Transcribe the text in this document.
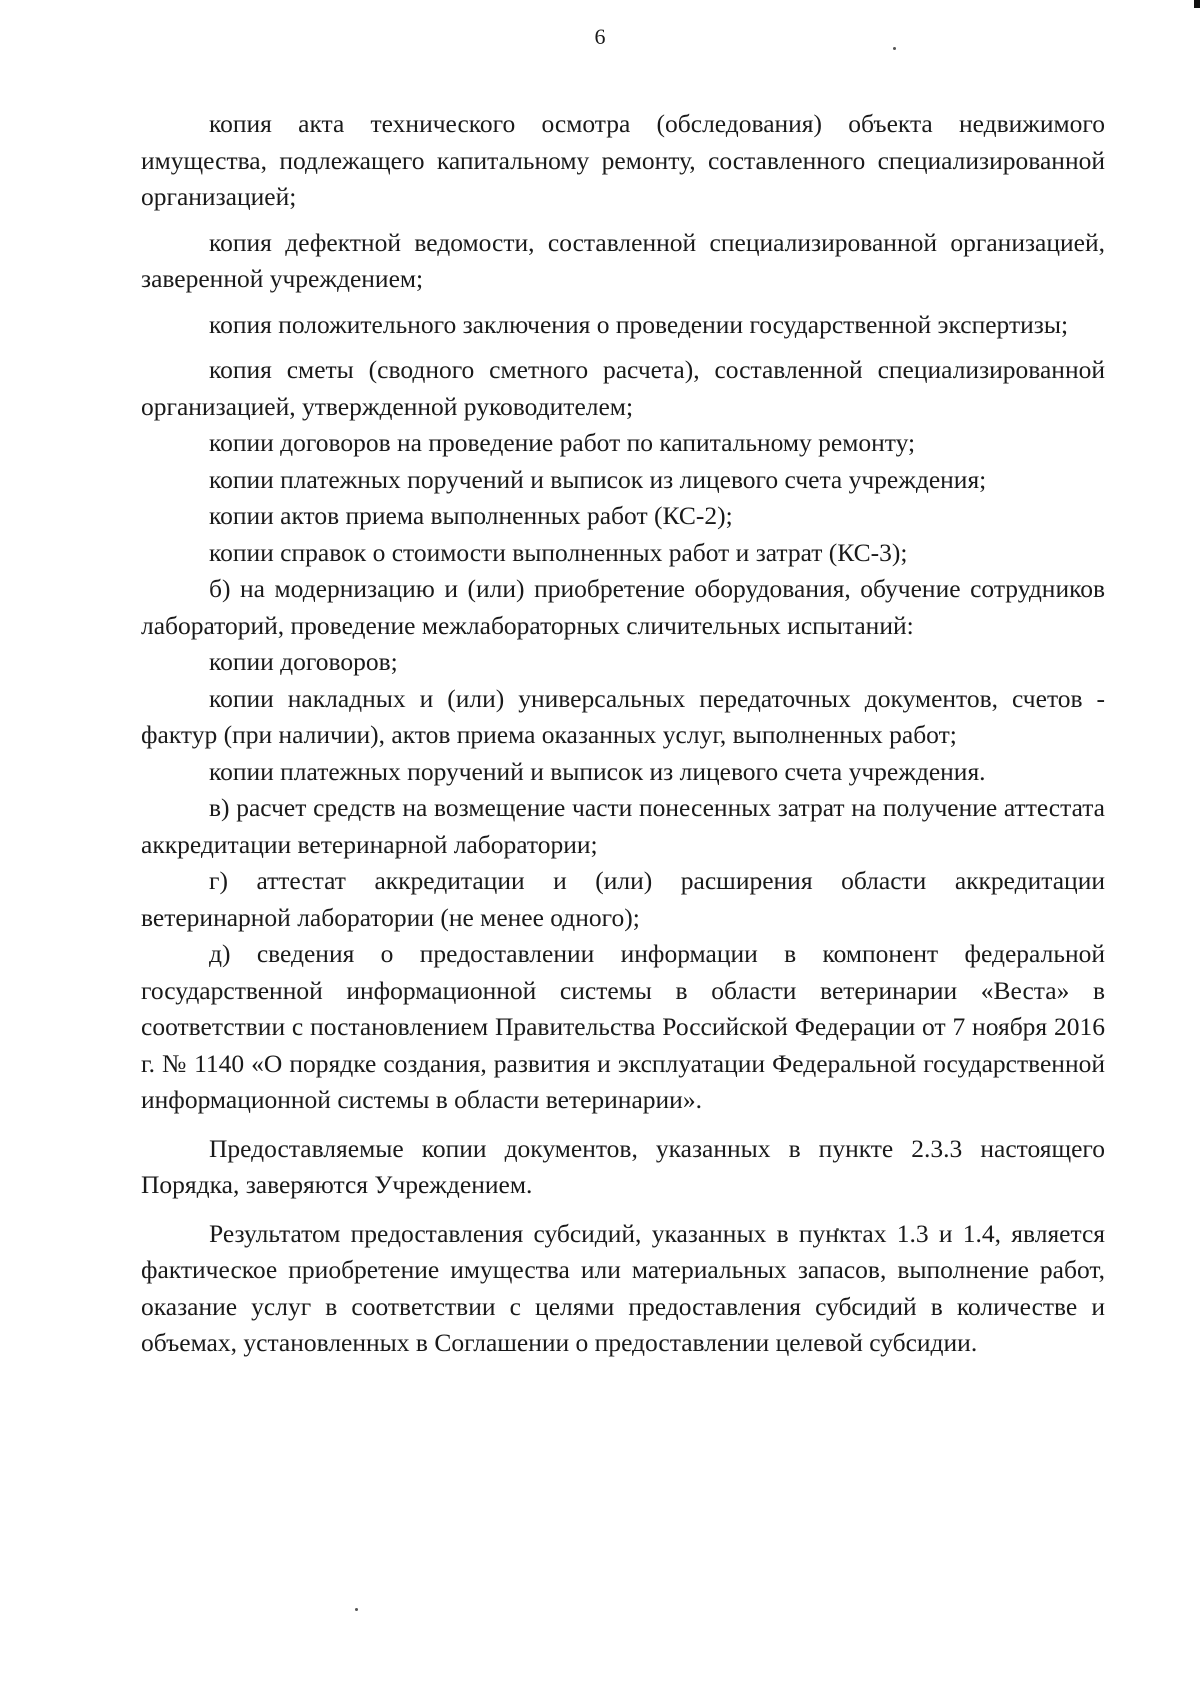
6

копия акта технического осмотра (обследования) объекта недвижимого имущества, подлежащего капитальному ремонту, составленного специализированной организацией;

копия дефектной ведомости, составленной специализированной организацией, заверенной учреждением;

копия положительного заключения о проведении государственной экспертизы;

копия сметы (сводного сметного расчета), составленной специализированной организацией, утвержденной руководителем;

копии договоров на проведение работ по капитальному ремонту;

копии платежных поручений и выписок из лицевого счета учреждения;

копии актов приема выполненных работ (КС-2);

копии справок о стоимости выполненных работ и затрат (КС-3);

б) на модернизацию и (или) приобретение оборудования, обучение сотрудников лабораторий, проведение межлабораторных сличительных испытаний:

копии договоров;

копии накладных и (или) универсальных передаточных документов, счетов - фактур (при наличии), актов приема оказанных услуг, выполненных работ;

копии платежных поручений и выписок из лицевого счета учреждения.

в) расчет средств на возмещение части понесенных затрат на получение аттестата аккредитации ветеринарной лаборатории;

г) аттестат аккредитации и (или) расширения области аккредитации ветеринарной лаборатории (не менее одного);

д) сведения о предоставлении информации в компонент федеральной государственной информационной системы в области ветеринарии «Веста» в соответствии с постановлением Правительства Российской Федерации от 7 ноября 2016 г. № 1140 «О порядке создания, развития и эксплуатации Федеральной государственной информационной системы в области ветеринарии».

Предоставляемые копии документов, указанных в пункте 2.3.3 настоящего Порядка, заверяются Учреждением.

Результатом предоставления субсидий, указанных в пунктах 1.3 и 1.4, является фактическое приобретение имущества или материальных запасов, выполнение работ, оказание услуг в соответствии с целями предоставления субсидий в количестве и объемах, установленных в Соглашении о предоставлении целевой субсидии.
